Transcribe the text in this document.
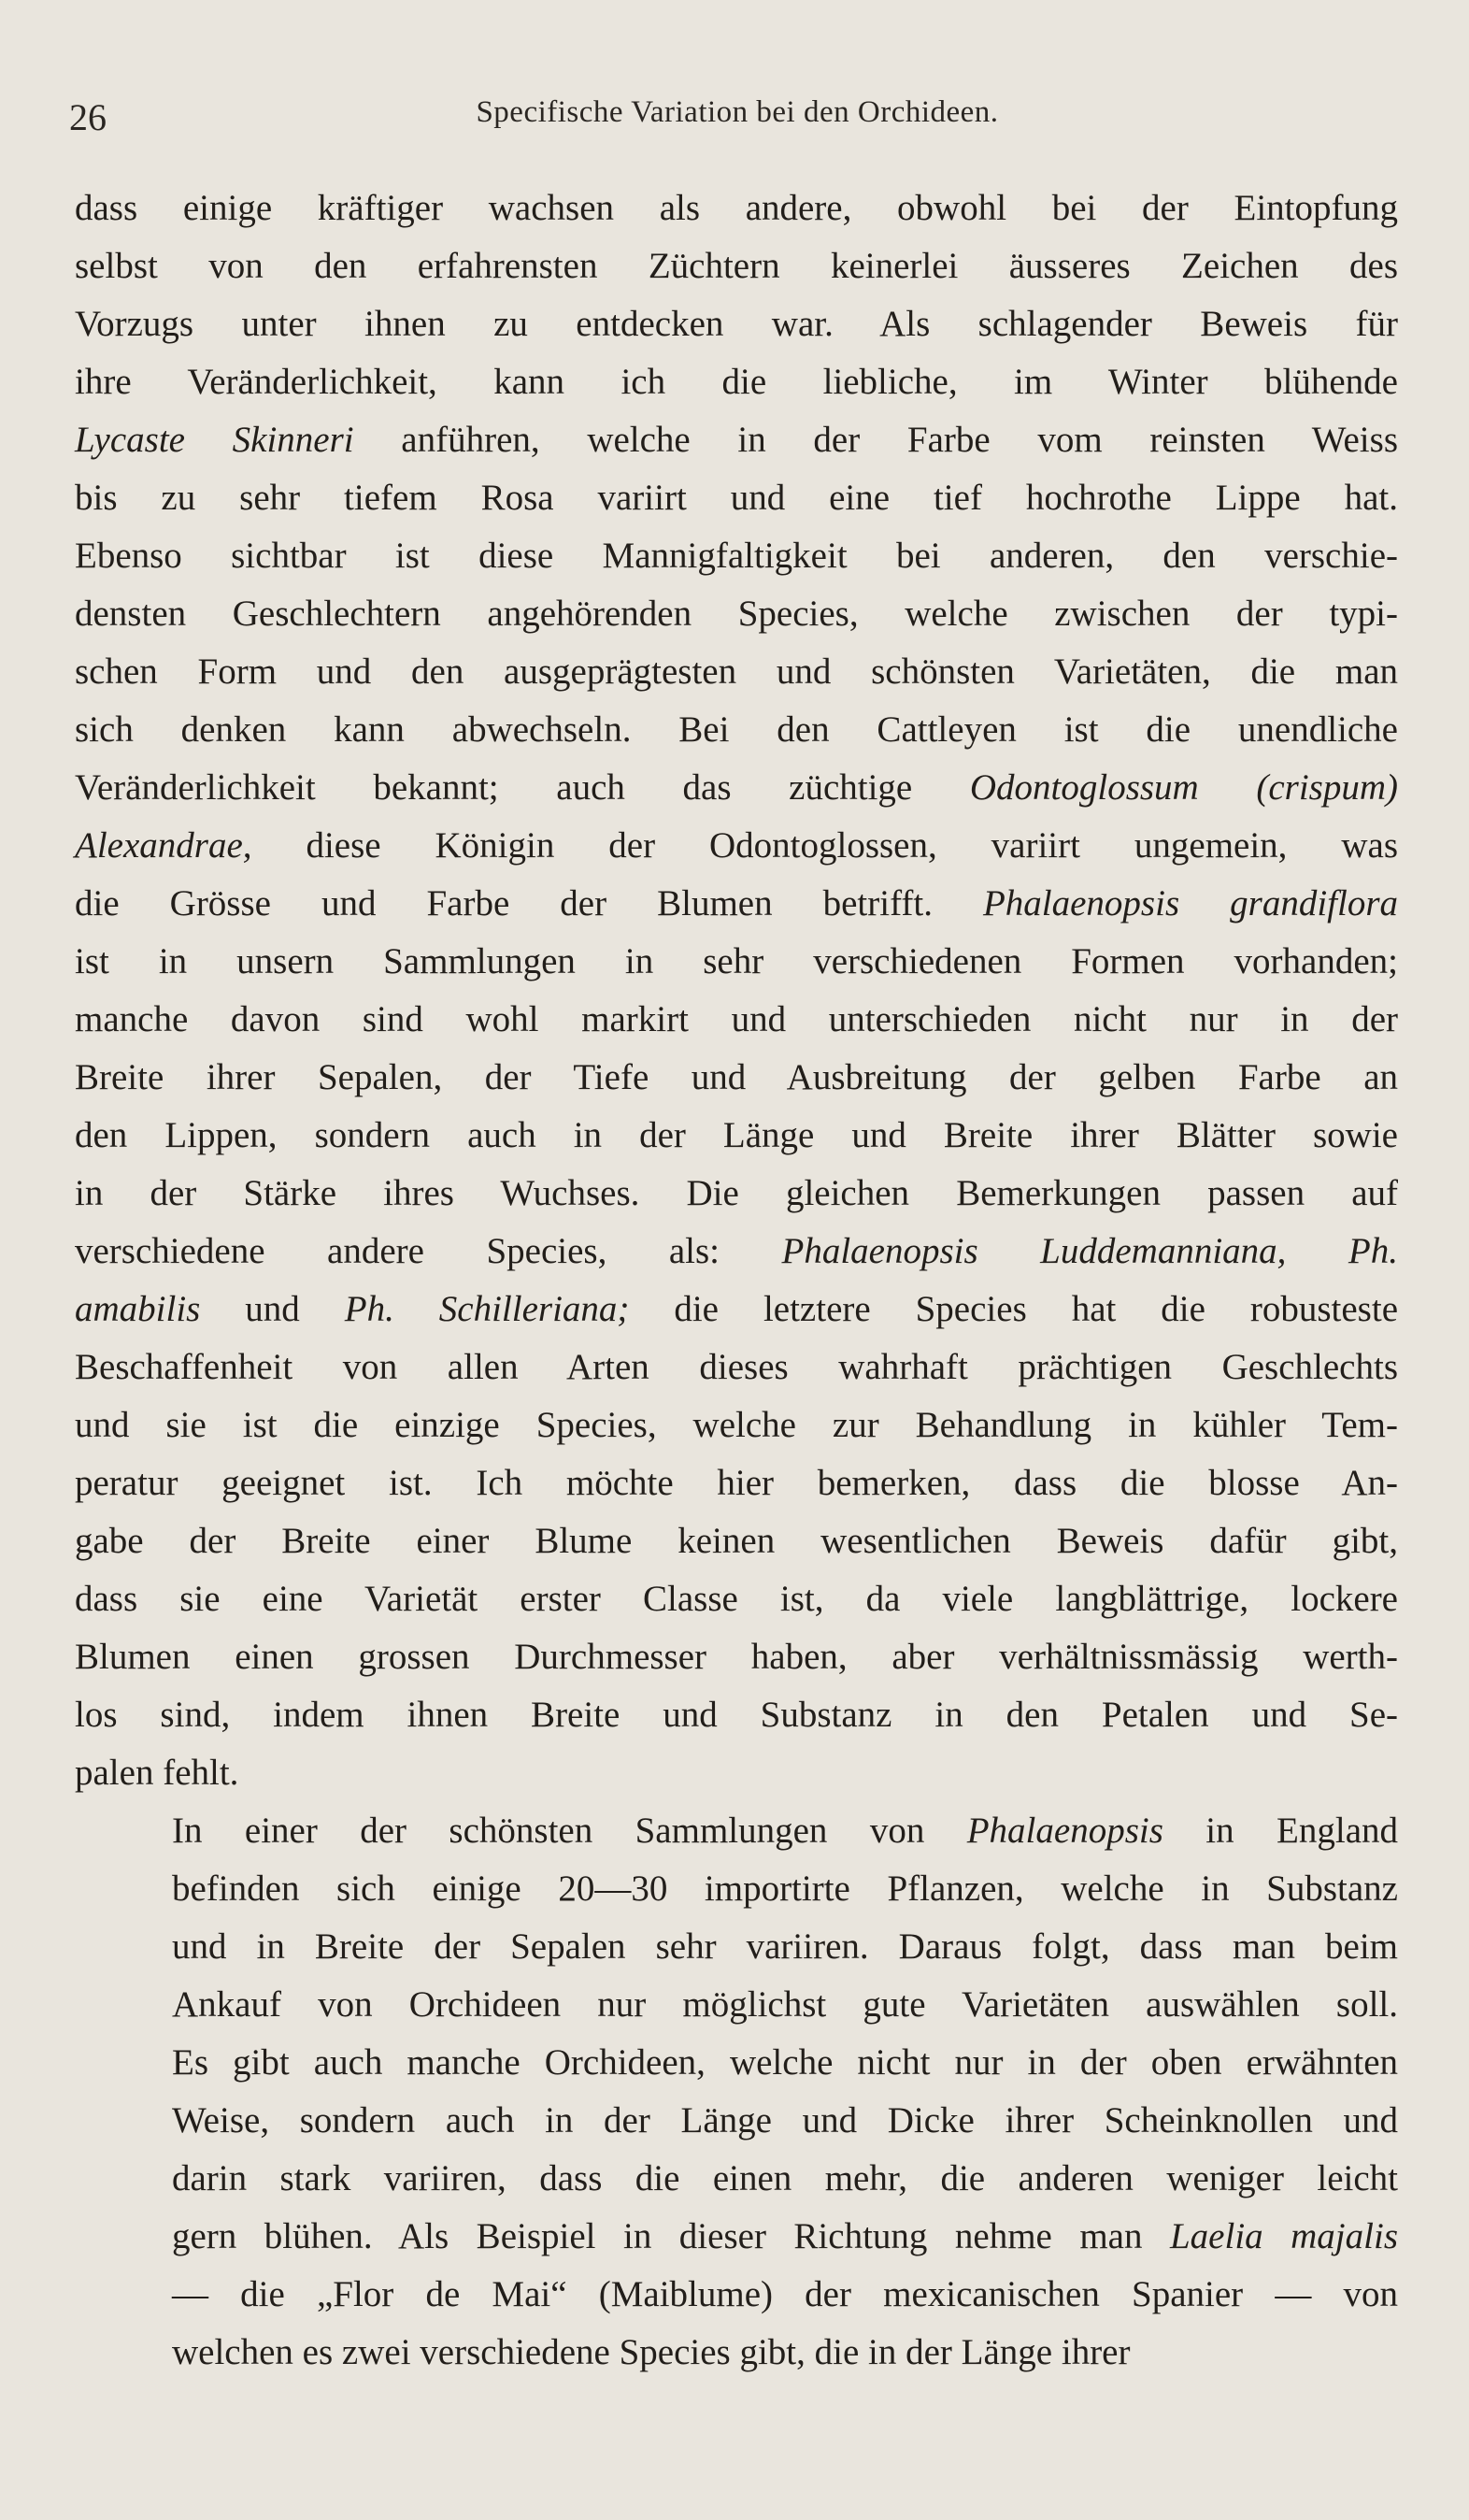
26	Specifische Variation bei den Orchideen.
dass einige kräftiger wachsen als andere, obwohl bei der Eintopfung
selbst von den erfahrensten Züchtern keinerlei äusseres Zeichen des
Vorzugs unter ihnen zu entdecken war. Als schlagender Beweis für
ihre Veränderlichkeit, kann ich die liebliche, im Winter blühende
Lycaste Skinneri anführen, welche in der Farbe vom reinsten Weiss
bis zu sehr tiefem Rosa variirt und eine tief hochrothe Lippe hat.
Ebenso sichtbar ist diese Mannigfaltigkeit bei anderen, den verschie-
densten Geschlechtern angehörenden Species, welche zwischen der typi-
schen Form und den ausgeprägtesten und schönsten Varietäten, die man
sich denken kann abwechseln. Bei den Cattleyen ist die unendliche
Veränderlichkeit bekannt; auch das züchtige Odontoglossum (crispum)
Alexandrae, diese Königin der Odontoglossen, variirt ungemein, was
die Grösse und Farbe der Blumen betrifft. Phalaenopsis grandiflora
ist in unsern Sammlungen in sehr verschiedenen Formen vorhanden;
manche davon sind wohl markirt und unterschieden nicht nur in der
Breite ihrer Sepalen, der Tiefe und Ausbreitung der gelben Farbe an
den Lippen, sondern auch in der Länge und Breite ihrer Blätter sowie
in der Stärke ihres Wuchses. Die gleichen Bemerkungen passen auf
verschiedene andere Species, als: Phalaenopsis Luddemanniana, Ph.
amabilis und Ph. Schilleriana; die letztere Species hat die robusteste
Beschaffenheit von allen Arten dieses wahrhaft prächtigen Geschlechts
und sie ist die einzige Species, welche zur Behandlung in kühler Tem-
peratur geeignet ist. Ich möchte hier bemerken, dass die blosse An-
gabe der Breite einer Blume keinen wesentlichen Beweis dafür gibt,
dass sie eine Varietät erster Classe ist, da viele langblättrige, lockere
Blumen einen grossen Durchmesser haben, aber verhältnissmässig werth-
los sind, indem ihnen Breite und Substanz in den Petalen und Se-
palen fehlt.
In einer der schönsten Sammlungen von Phalaenopsis in England
befinden sich einige 20—30 importirte Pflanzen, welche in Substanz
und in Breite der Sepalen sehr variiren. Daraus folgt, dass man beim
Ankauf von Orchideen nur möglichst gute Varietäten auswählen soll.
Es gibt auch manche Orchideen, welche nicht nur in der oben erwähnten
Weise, sondern auch in der Länge und Dicke ihrer Scheinknollen und
darin stark variiren, dass die einen mehr, die anderen weniger leicht
gern blühen. Als Beispiel in dieser Richtung nehme man Laelia majalis
— die „Flor de Mai“ (Maiblume) der mexicanischen Spanier — von
welchen es zwei verschiedene Species gibt, die in der Länge ihrer
